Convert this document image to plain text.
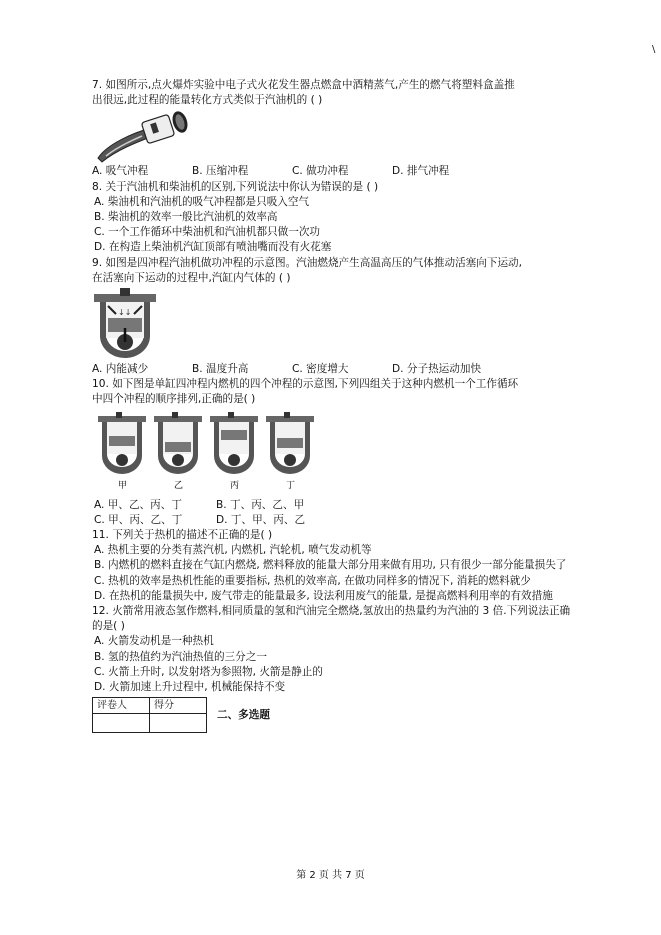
\
7. 如图所示,点火爆炸实验中电子式火花发生器点燃盒中酒精蒸气,产生的燃气将塑料盒盖推
出很远,此过程的能量转化方式类似于汽油机的 ( )
A. 吸气冲程	B. 压缩冲程	C. 做功冲程	D. 排气冲程
8. 关于汽油机和柴油机的区别,下列说法中你认为错误的是 ( )
A. 柴油机和汽油机的吸气冲程都是只吸入空气
B. 柴油机的效率一般比汽油机的效率高
C. 一个工作循环中柴油机和汽油机都只做一次功
D. 在构造上柴油机汽缸顶部有喷油嘴而没有火花塞
9. 如图是四冲程汽油机做功冲程的示意图。汽油燃烧产生高温高压的气体推动活塞向下运动,
在活塞向下运动的过程中,汽缸内气体的 ( )
↓↓
A. 内能减少	B. 温度升高	C. 密度增大	D. 分子热运动加快
10. 如下图是单缸四冲程内燃机的四个冲程的示意图,下列四组关于这种内燃机一个工作循环
中四个冲程的顺序排列,正确的是( )
甲	乙	丙	丁
A. 甲、乙、丙、丁	B. 丁、丙、乙、甲
C. 甲、丙、乙、丁	D. 丁、甲、丙、乙
11. 下列关于热机的描述不正确的是( )
A. 热机主要的分类有蒸汽机, 内燃机, 汽轮机, 喷气发动机等
B. 内燃机的燃料直接在气缸内燃烧, 燃料释放的能量大部分用来做有用功, 只有很少一部分能量损失了
C. 热机的效率是热机性能的重要指标, 热机的效率高, 在做功同样多的情况下, 消耗的燃料就少
D. 在热机的能量损失中, 废气带走的能量最多, 设法利用废气的能量, 是提高燃料利用率的有效措施
12. 火箭常用液态氢作燃料,相同质量的氢和汽油完全燃烧,氢放出的热量约为汽油的 3 倍.下列说法正确的是( )
A. 火箭发动机是一种热机
B. 氢的热值约为汽油热值的三分之一
C. 火箭上升时, 以发射塔为参照物, 火箭是静止的
D. 火箭加速上升过程中, 机械能保持不变
评卷人	得分

二、多选题
第 2 页 共 7 页
